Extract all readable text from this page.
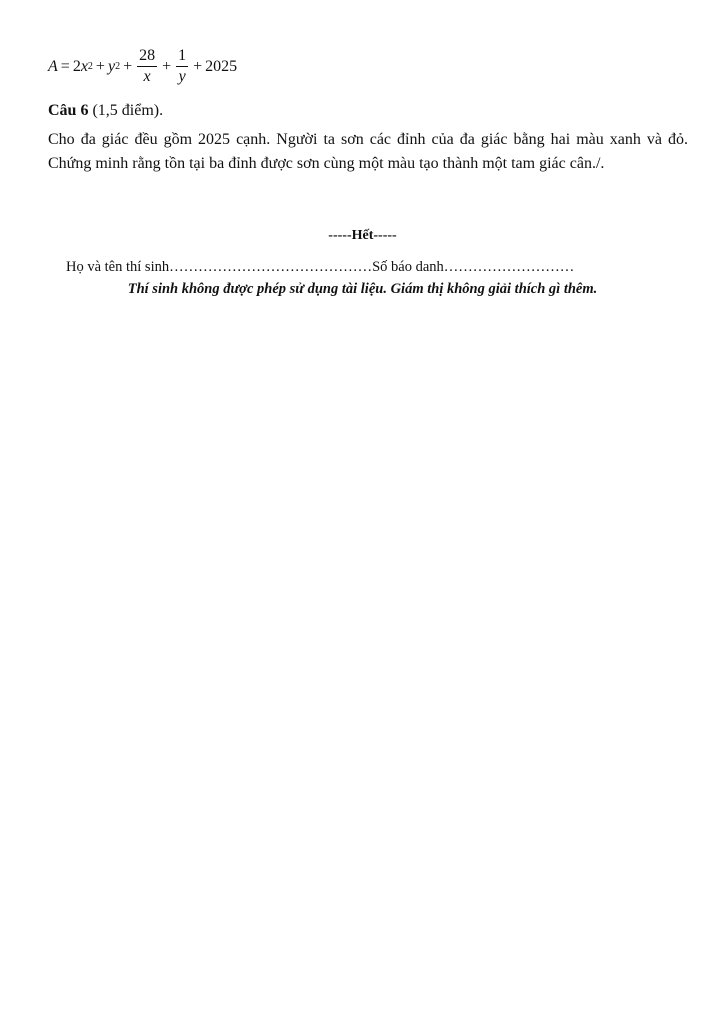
A = 2 x 2 + y $2 + \frac{28}{x} + \frac{1}{y} + 2025$
Câu 6 (1,5 điểm).
Cho đa giác đều gồm 2025 cạnh. Người ta sơn các đỉnh của đa giác bằng hai màu xanh và đỏ. Chứng minh rằng tồn tại ba đỉnh được sơn cùng một màu tạo thành một tam giác cân./.
-----Hết-----
Họ và tên thí sinh……………………………………Số báo danh………………………
Thí sinh không được phép sử dụng tài liệu. Giám thị không giải thích gì thêm.
